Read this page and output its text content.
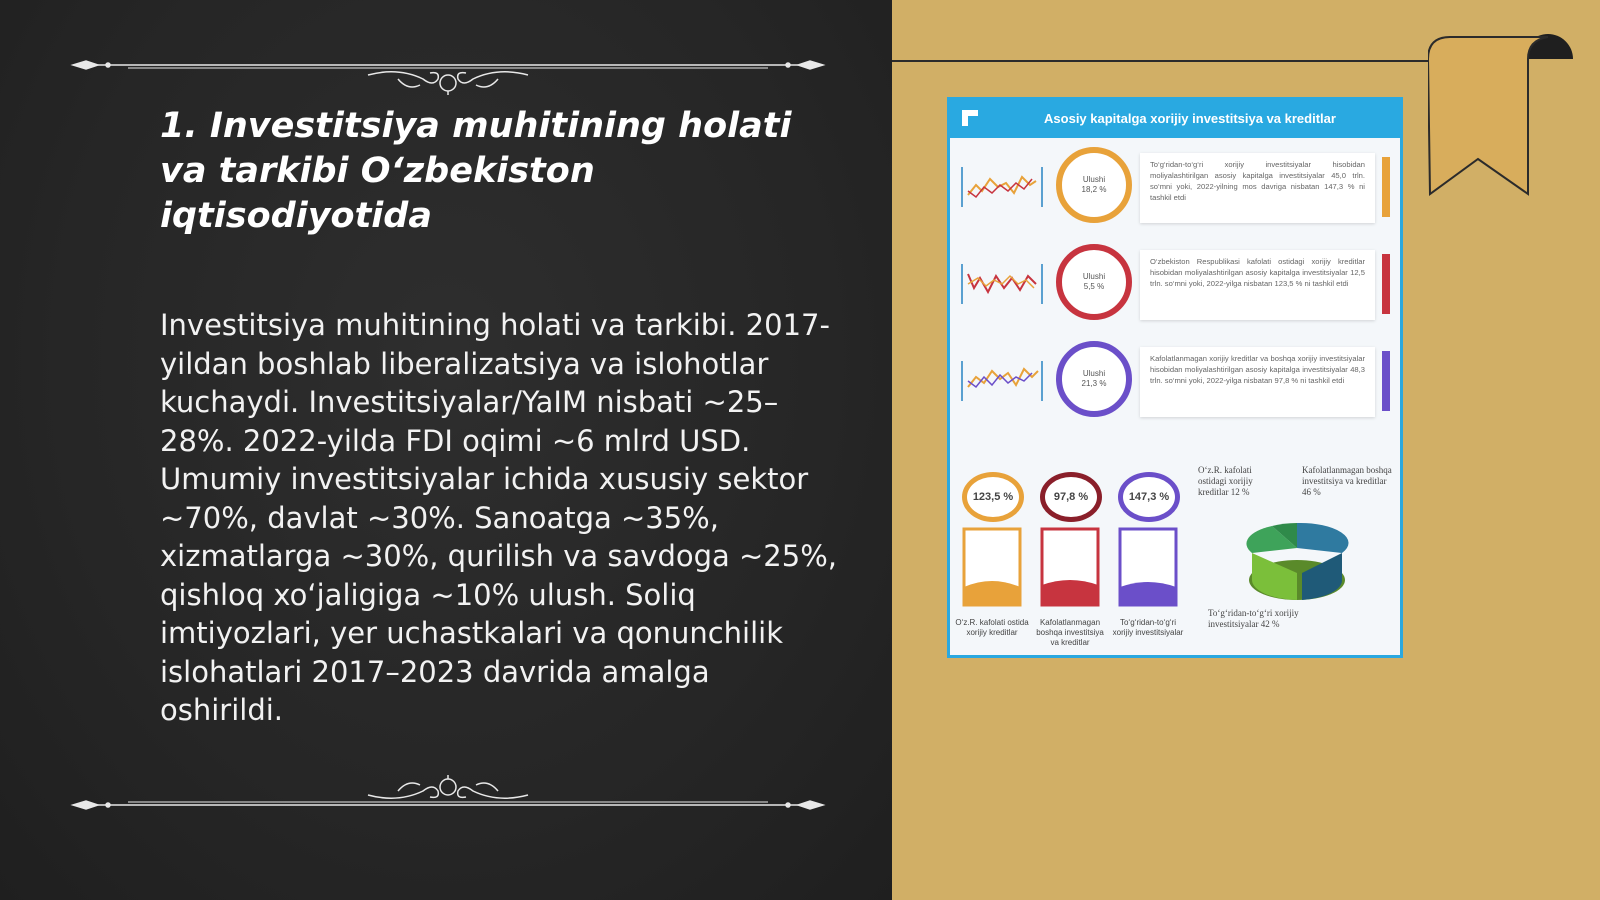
1. Investitsiya muhitining holati va tarkibi O‘zbekiston iqtisodiyotida

Investitsiya muhitining holati va tarkibi. 2017-yildan boshlab liberalizatsiya va islohotlar kuchaydi. Investitsiyalar/YaIM nisbati ~25–28%. 2022-yilda FDI oqimi ~6 mlrd USD. Umumiy investitsiyalar ichida xususiy sektor ~70%, davlat ~30%. Sanoatga ~35%, xizmatlarga ~30%, qurilish va savdoga ~25%, qishloq xo‘jaligiga ~10% ulush. Soliq imtiyozlari, yer uchastkalari va qonunchilik islohatlari 2017–2023 davrida amalga oshirildi.

Asosiy kapitalga xorijiy investitsiya va kreditlar
Ulushi
18,2 %
To‘g‘ridan-to‘g‘ri xorijiy investitsiyalar hisobidan moliyalashtirilgan asosiy kapitalga investitsiyalar 45,0 trln. so‘mni yoki, 2022-yilning mos davriga nisbatan 147,3 % ni tashkil etdi
Ulushi
5,5 %
O‘zbekiston Respublikasi kafolati ostidagi xorijiy kreditlar hisobidan moliyalashtirilgan asosiy kapitalga investitsiyalar 12,5 trln. so‘mni yoki, 2022-yilga nisbatan 123,5 % ni tashkil etdi
Ulushi
21,3 %
Kafolatlanmagan xorijiy kreditlar va boshqa xorijiy investitsiyalar hisobidan moliyalashtirilgan asosiy kapitalga investitsiyalar 48,3 trln. so‘mni yoki, 2022-yilga nisbatan 97,8 % ni tashkil etdi
123,5 %	97,8 %	147,3 %
O‘z.R. kafolati ostida xorijiy kreditlar
Kafolatlanmagan boshqa investitsiya va kreditlar
To‘g‘ridan-to‘g‘ri xorijiy investitsiyalar
O‘z.R. kafolati ostidagi xorijiy kreditlar 12 %
Kafolatlanmagan boshqa investitsiya va kreditlar 46 %
To‘g‘ridan-to‘g‘ri xorijiy investitsiyalar 42 %
